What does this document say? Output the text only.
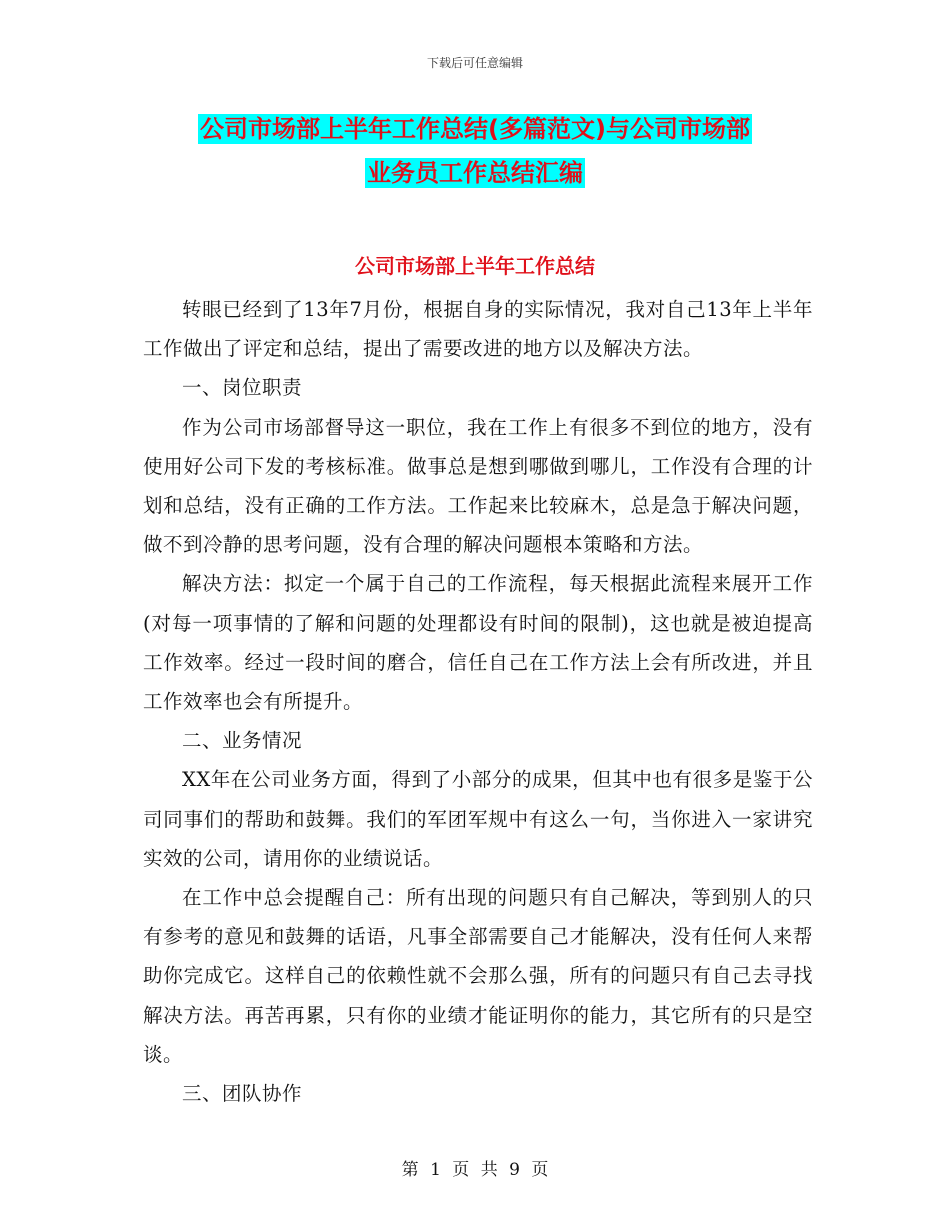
下载后可任意编辑
公司市场部上半年工作总结(多篇范文)与公司市场部
业务员工作总结汇编
公司市场部上半年工作总结

转眼已经到了13年7月份，根据自身的实际情况，我对自己13年上半年工作做出了评定和总结，提出了需要改进的地方以及解决方法。

一、岗位职责

作为公司市场部督导这一职位，我在工作上有很多不到位的地方，没有使用好公司下发的考核标准。做事总是想到哪做到哪儿，工作没有合理的计划和总结，没有正确的工作方法。工作起来比较麻木，总是急于解决问题，做不到冷静的思考问题，没有合理的解决问题根本策略和方法。

解决方法：拟定一个属于自己的工作流程，每天根据此流程来展开工作(对每一项事情的了解和问题的处理都设有时间的限制)，这也就是被迫提高工作效率。经过一段时间的磨合，信任自己在工作方法上会有所改进，并且工作效率也会有所提升。

二、业务情况

XX年在公司业务方面，得到了小部分的成果，但其中也有很多是鉴于公司同事们的帮助和鼓舞。我们的军团军规中有这么一句，当你进入一家讲究实效的公司，请用你的业绩说话。

在工作中总会提醒自己：所有出现的问题只有自己解决，等到别人的只有参考的意见和鼓舞的话语，凡事全部需要自己才能解决，没有任何人来帮助你完成它。这样自己的依赖性就不会那么强，所有的问题只有自己去寻找解决方法。再苦再累，只有你的业绩才能证明你的能力，其它所有的只是空谈。

三、团队协作

第 1 页 共 9 页
